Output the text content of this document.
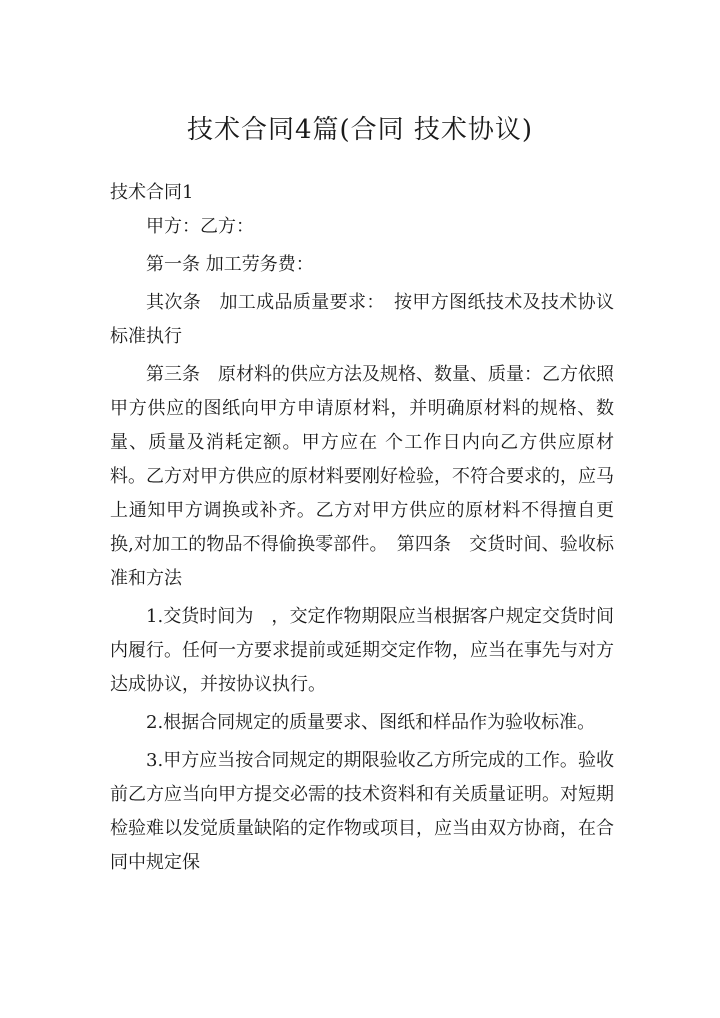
技术合同4篇(合同 技术协议)
技术合同1

甲方：乙方：

第一条 加工劳务费：

其次条　加工成品质量要求：　按甲方图纸技术及技术协议标准执行

第三条　原材料的供应方法及规格、数量、质量：乙方依照甲方供应的图纸向甲方申请原材料，并明确原材料的规格、数量、质量及消耗定额。甲方应在 个工作日内向乙方供应原材料。乙方对甲方供应的原材料要刚好检验，不符合要求的，应马上通知甲方调换或补齐。乙方对甲方供应的原材料不得擅自更换,对加工的物品不得偷换零部件。　第四条　交货时间、验收标准和方法

1.交货时间为　，交定作物期限应当根据客户规定交货时间内履行。任何一方要求提前或延期交定作物，应当在事先与对方达成协议，并按协议执行。

2.根据合同规定的质量要求、图纸和样品作为验收标准。

3.甲方应当按合同规定的期限验收乙方所完成的工作。验收前乙方应当向甲方提交必需的技术资料和有关质量证明。对短期检验难以发觉质量缺陷的定作物或项目，应当由双方协商，在合同中规定保
